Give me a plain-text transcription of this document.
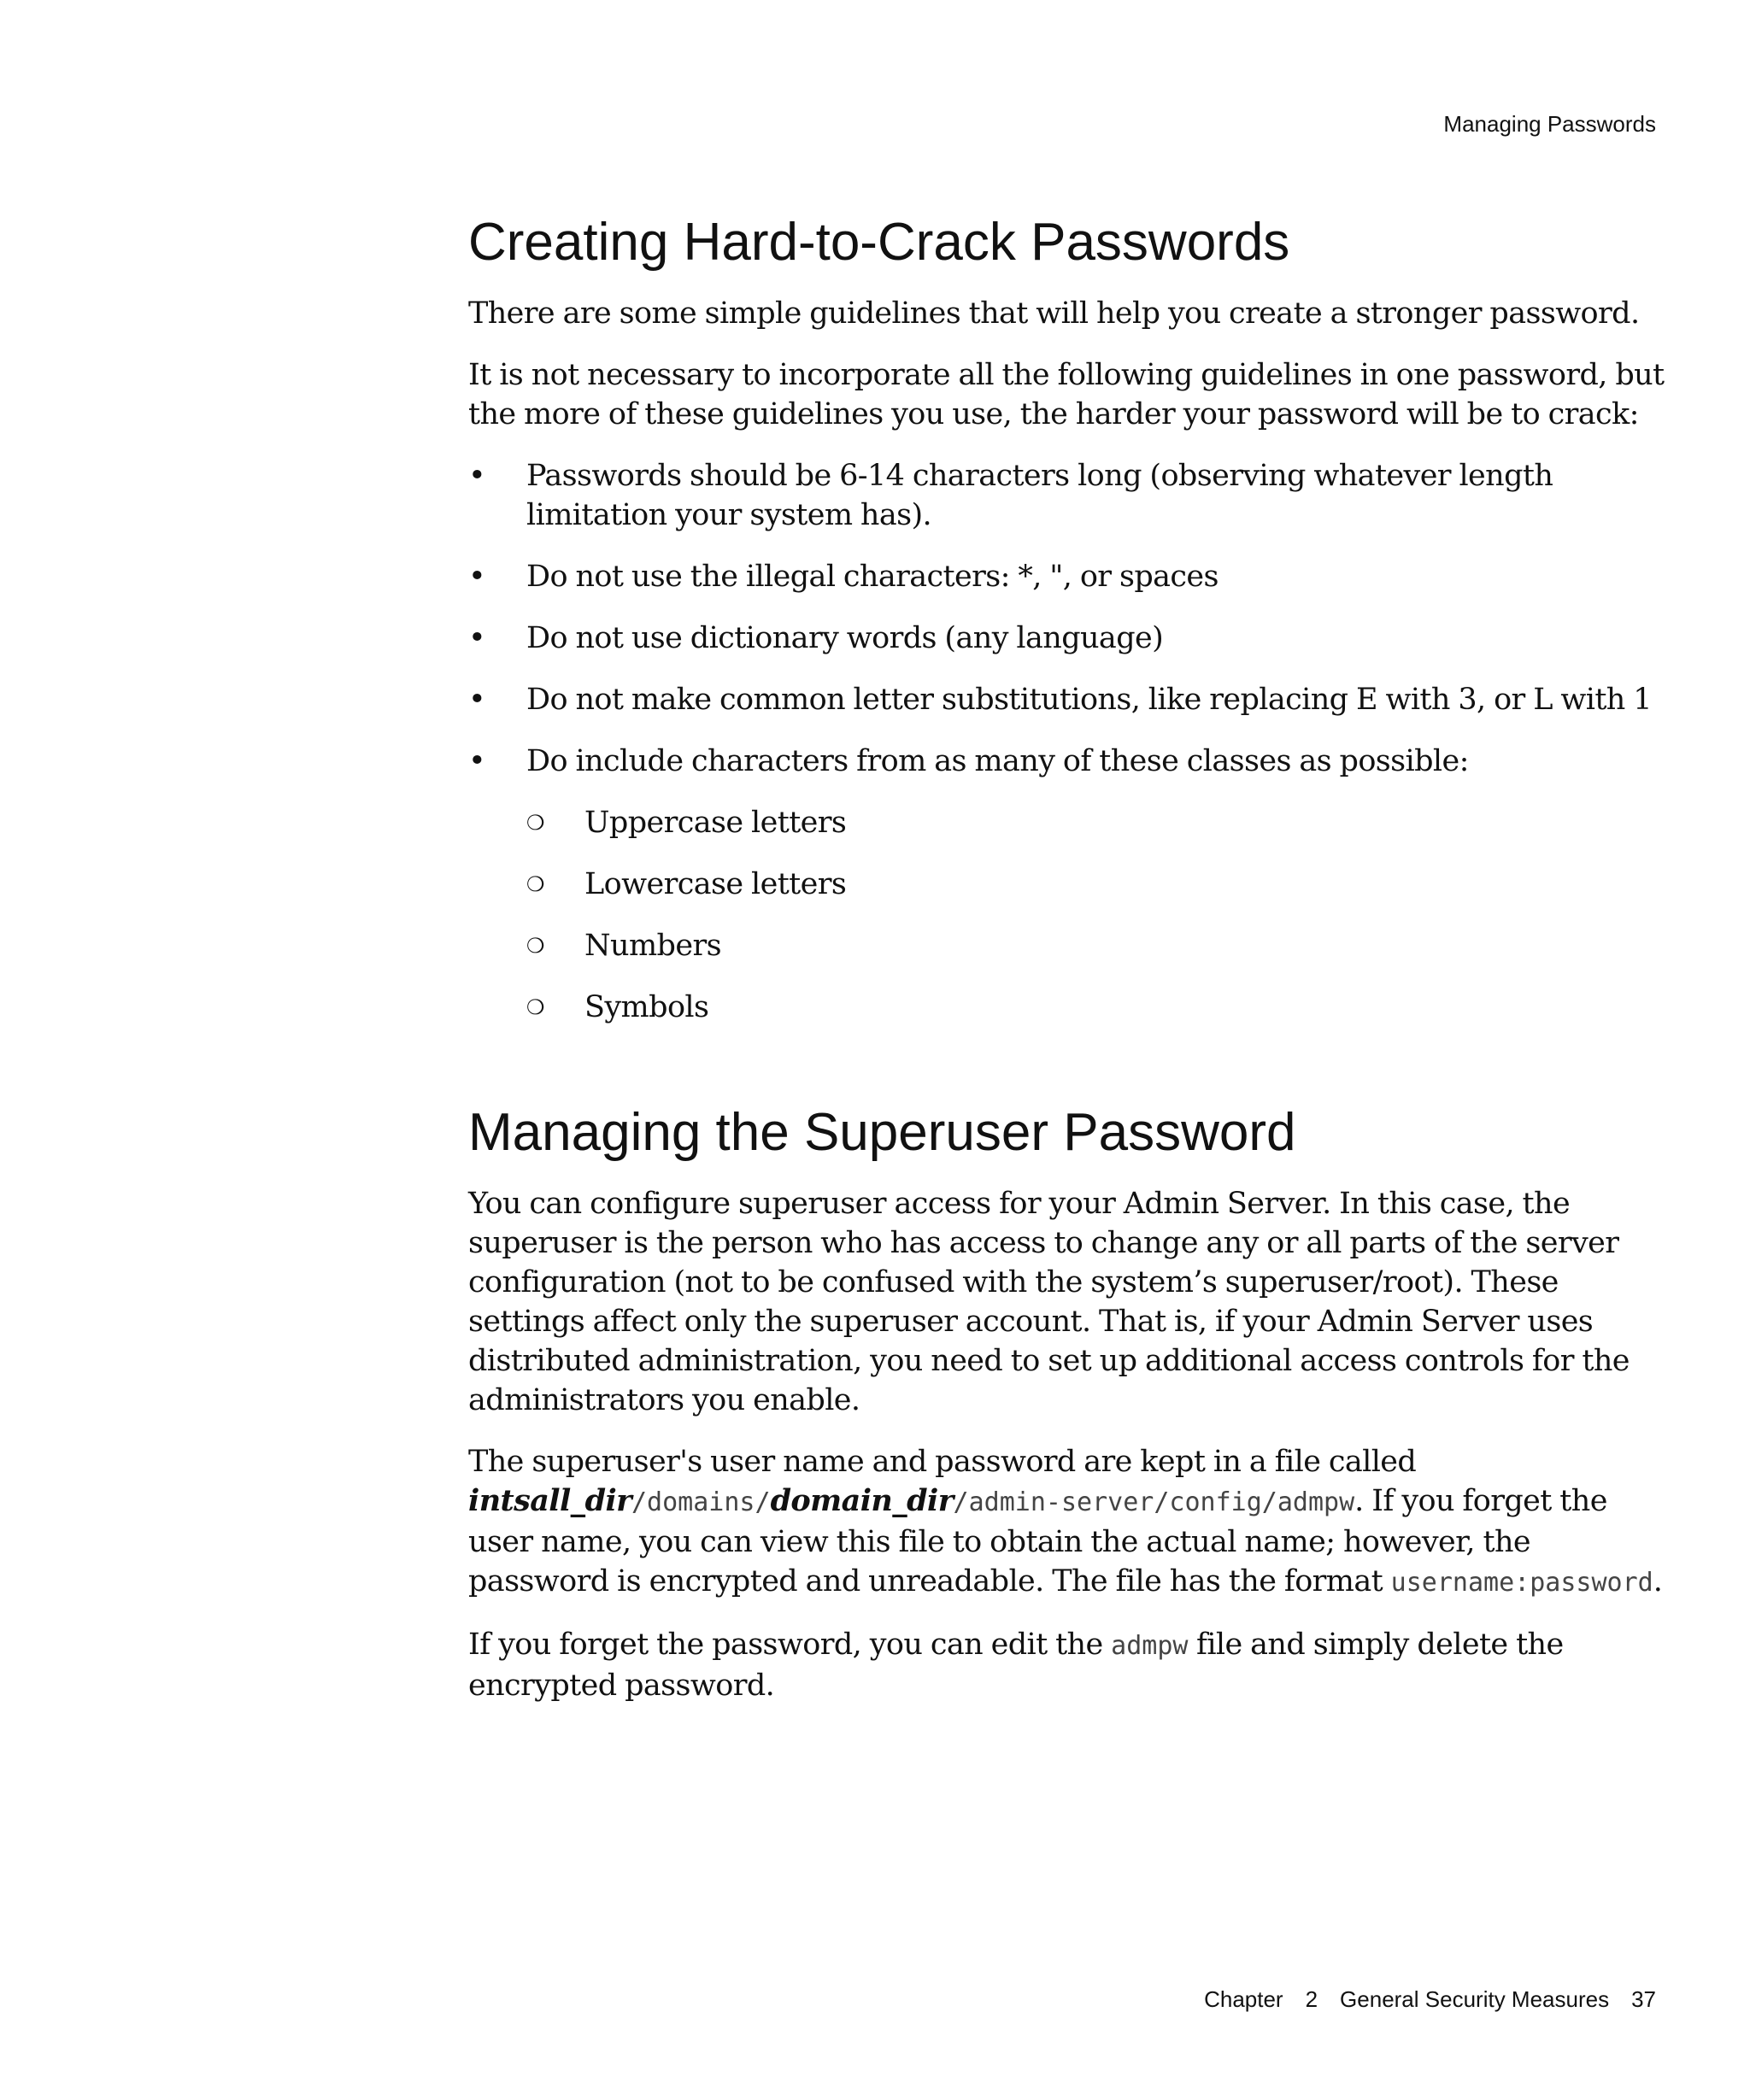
Managing Passwords
Creating Hard-to-Crack Passwords

There are some simple guidelines that will help you create a stronger password.

It is not necessary to incorporate all the following guidelines in one password, but the more of these guidelines you use, the harder your password will be to crack:

• Passwords should be 6-14 characters long (observing whatever length limitation your system has).
• Do not use the illegal characters: *, ", or spaces
• Do not use dictionary words (any language)
• Do not make common letter substitutions, like replacing E with 3, or L with 1
• Do include characters from as many of these classes as possible:
❍ Uppercase letters
❍ Lowercase letters
❍ Numbers
❍ Symbols
Managing the Superuser Password

You can configure superuser access for your Admin Server. In this case, the superuser is the person who has access to change any or all parts of the server configuration (not to be confused with the system’s superuser/root). These settings affect only the superuser account. That is, if your Admin Server uses distributed administration, you need to set up additional access controls for the administrators you enable.

The superuser's user name and password are kept in a file called intsall_dir/domains/domain_dir/admin-server/config/admpw. If you forget the user name, you can view this file to obtain the actual name; however, the password is encrypted and unreadable. The file has the format username:password.

If you forget the password, you can edit the admpw file and simply delete the encrypted password.

Chapter 2 General Security Measures 37
